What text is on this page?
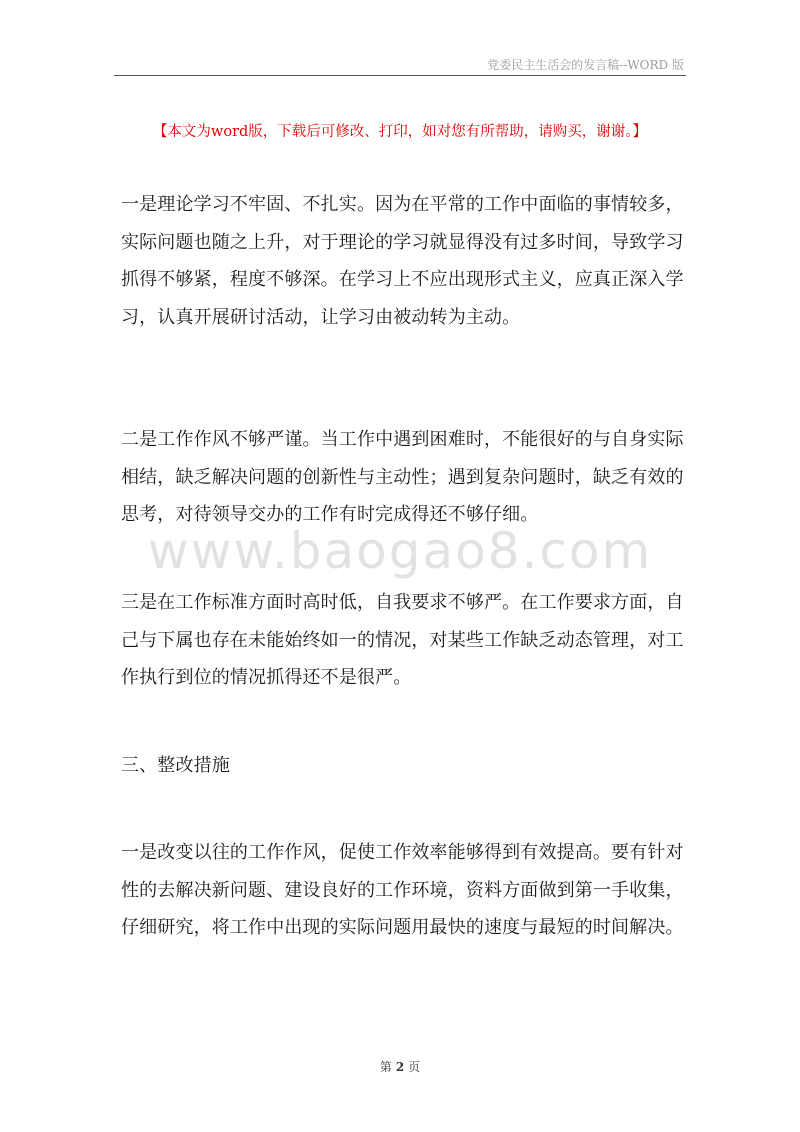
党委民主生活会的发言稿--WORD 版
【本文为word版，下载后可修改、打印，如对您有所帮助，请购买，谢谢。】
www.baogao8.com

一是理论学习不牢固、不扎实。因为在平常的工作中面临的事情较多，实际问题也随之上升，对于理论的学习就显得没有过多时间，导致学习抓得不够紧，程度不够深。在学习上不应出现形式主义，应真正深入学习，认真开展研讨活动，让学习由被动转为主动。

二是工作作风不够严谨。当工作中遇到困难时，不能很好的与自身实际相结，缺乏解决问题的创新性与主动性；遇到复杂问题时，缺乏有效的思考，对待领导交办的工作有时完成得还不够仔细。

三是在工作标准方面时高时低，自我要求不够严。在工作要求方面，自己与下属也存在未能始终如一的情况，对某些工作缺乏动态管理，对工作执行到位的情况抓得还不是很严。

三、整改措施

一是改变以往的工作作风，促使工作效率能够得到有效提高。要有针对性的去解决新问题、建设良好的工作环境，资料方面做到第一手收集，仔细研究，将工作中出现的实际问题用最快的速度与最短的时间解决。

第 2 页
